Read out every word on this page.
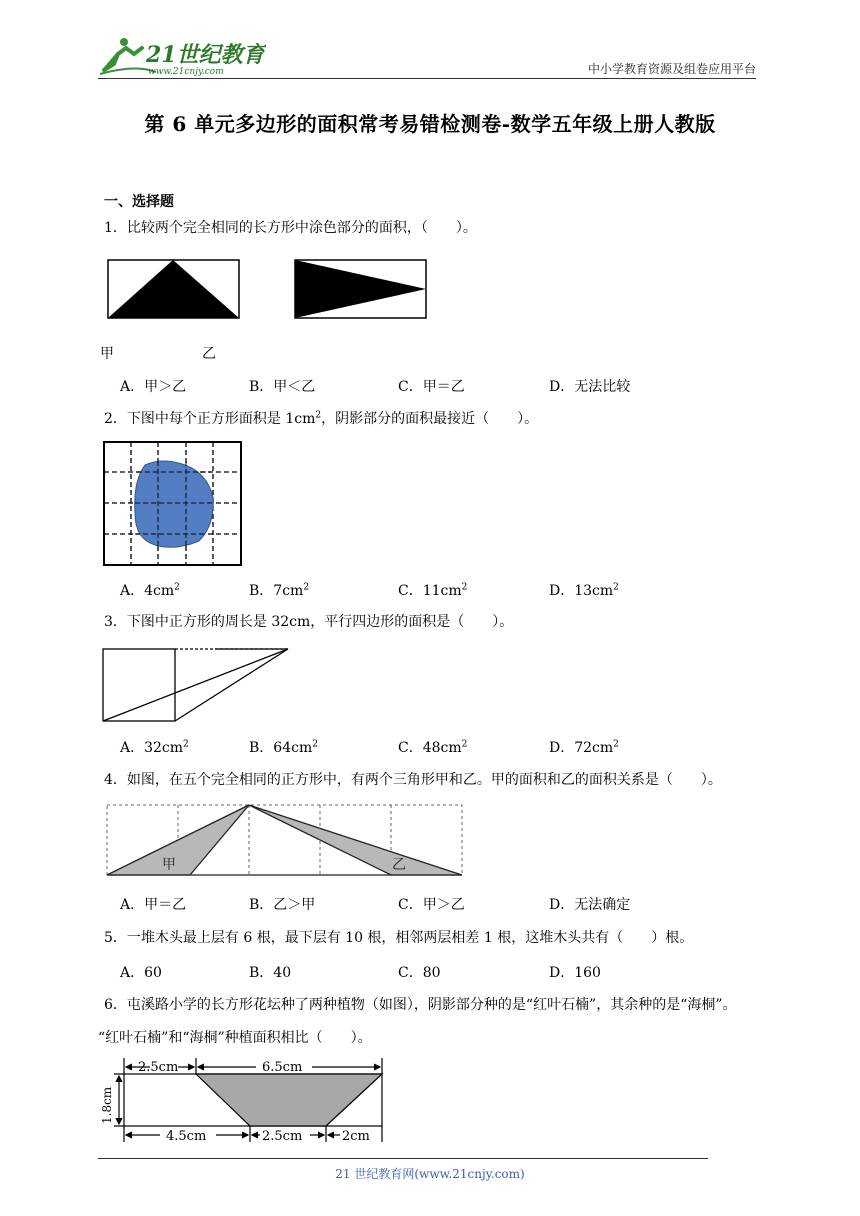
21世纪教育
www.21cnjy.com	中小学教育资源及组卷应用平台
第 6 单元多边形的面积常考易错检测卷-数学五年级上册人教版
一、选择题
1．比较两个完全相同的长方形中涂色部分的面积，（　　）。
甲	乙
A．甲＞乙	B．甲＜乙	C．甲＝乙	D．无法比较
2．下图中每个正方形面积是 $1cm^2$，阴影部分的面积最接近（　　）。
A．$4cm^2$	B．$7cm^2$	C．$11cm^2$	D．$13cm^2$
3．下图中正方形的周长是 32cm，平行四边形的面积是（　　）。
A．$32cm^2$	B．$64cm^2$	C．$48cm^2$	D．$72cm^2$
4．如图，在五个完全相同的正方形中，有两个三角形甲和乙。甲的面积和乙的面积关系是（　　）。
甲	乙
A．甲＝乙	B．乙＞甲	C．甲＞乙	D．无法确定
5．一堆木头最上层有 6 根，最下层有 10 根，相邻两层相差 1 根，这堆木头共有（　　）根。
A．60	B．40	C．80	D．160
6．屯溪路小学的长方形花坛种了两种植物（如图），阴影部分种的是“红叶石楠”，其余种的是“海桐”。
“红叶石楠”和“海桐”种植面积相比（　　）。
2.5cm	6.5cm
1.8cm
4.5cm	2.5cm	2cm
21 世纪教育网(www.21cnjy.com)
